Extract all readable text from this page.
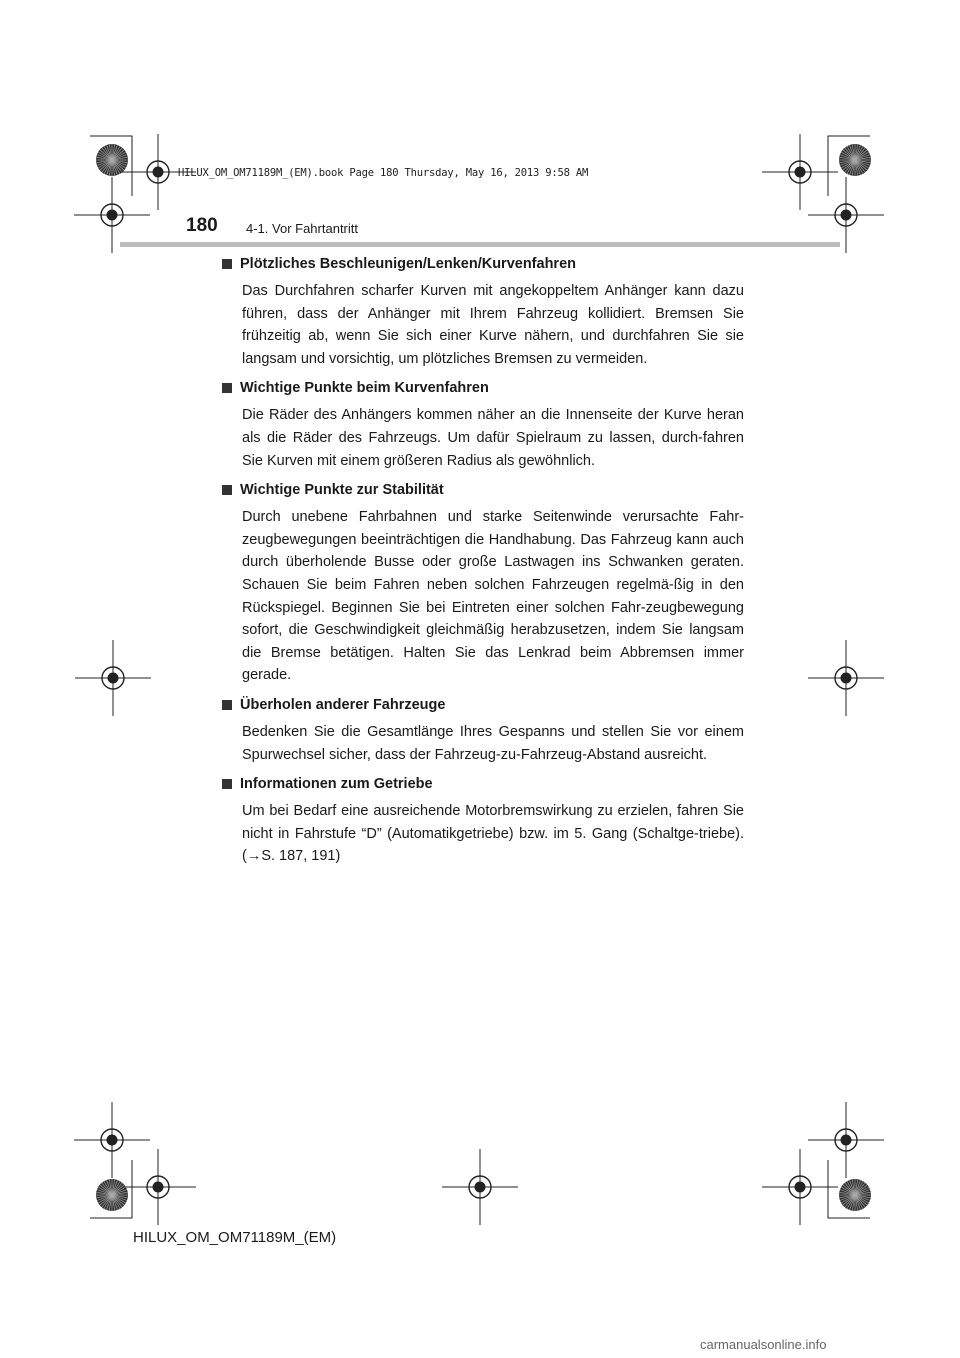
HILUX_OM_OM71189M_(EM).book Page 180 Thursday, May 16, 2013 9:58 AM
180 4-1. Vor Fahrtantritt
Plötzliches Beschleunigen/Lenken/Kurvenfahren
Das Durchfahren scharfer Kurven mit angekoppeltem Anhänger kann dazu führen, dass der Anhänger mit Ihrem Fahrzeug kollidiert. Bremsen Sie frühzeitig ab, wenn Sie sich einer Kurve nähern, und durchfahren Sie sie langsam und vorsichtig, um plötzliches Bremsen zu vermeiden.
Wichtige Punkte beim Kurvenfahren
Die Räder des Anhängers kommen näher an die Innenseite der Kurve heran als die Räder des Fahrzeugs. Um dafür Spielraum zu lassen, durch-fahren Sie Kurven mit einem größeren Radius als gewöhnlich.
Wichtige Punkte zur Stabilität
Durch unebene Fahrbahnen und starke Seitenwinde verursachte Fahr-zeugbewegungen beeinträchtigen die Handhabung. Das Fahrzeug kann auch durch überholende Busse oder große Lastwagen ins Schwanken geraten. Schauen Sie beim Fahren neben solchen Fahrzeugen regelmä-ßig in den Rückspiegel. Beginnen Sie bei Eintreten einer solchen Fahr-zeugbewegung sofort, die Geschwindigkeit gleichmäßig herabzusetzen, indem Sie langsam die Bremse betätigen. Halten Sie das Lenkrad beim Abbremsen immer gerade.
Überholen anderer Fahrzeuge
Bedenken Sie die Gesamtlänge Ihres Gespanns und stellen Sie vor einem Spurwechsel sicher, dass der Fahrzeug-zu-Fahrzeug-Abstand ausreicht.
Informationen zum Getriebe
Um bei Bedarf eine ausreichende Motorbremswirkung zu erzielen, fahren Sie nicht in Fahrstufe “D” (Automatikgetriebe) bzw. im 5. Gang (Schaltge-triebe). (→S. 187, 191)
HILUX_OM_OM71189M_(EM)
carmanualsonline.info
